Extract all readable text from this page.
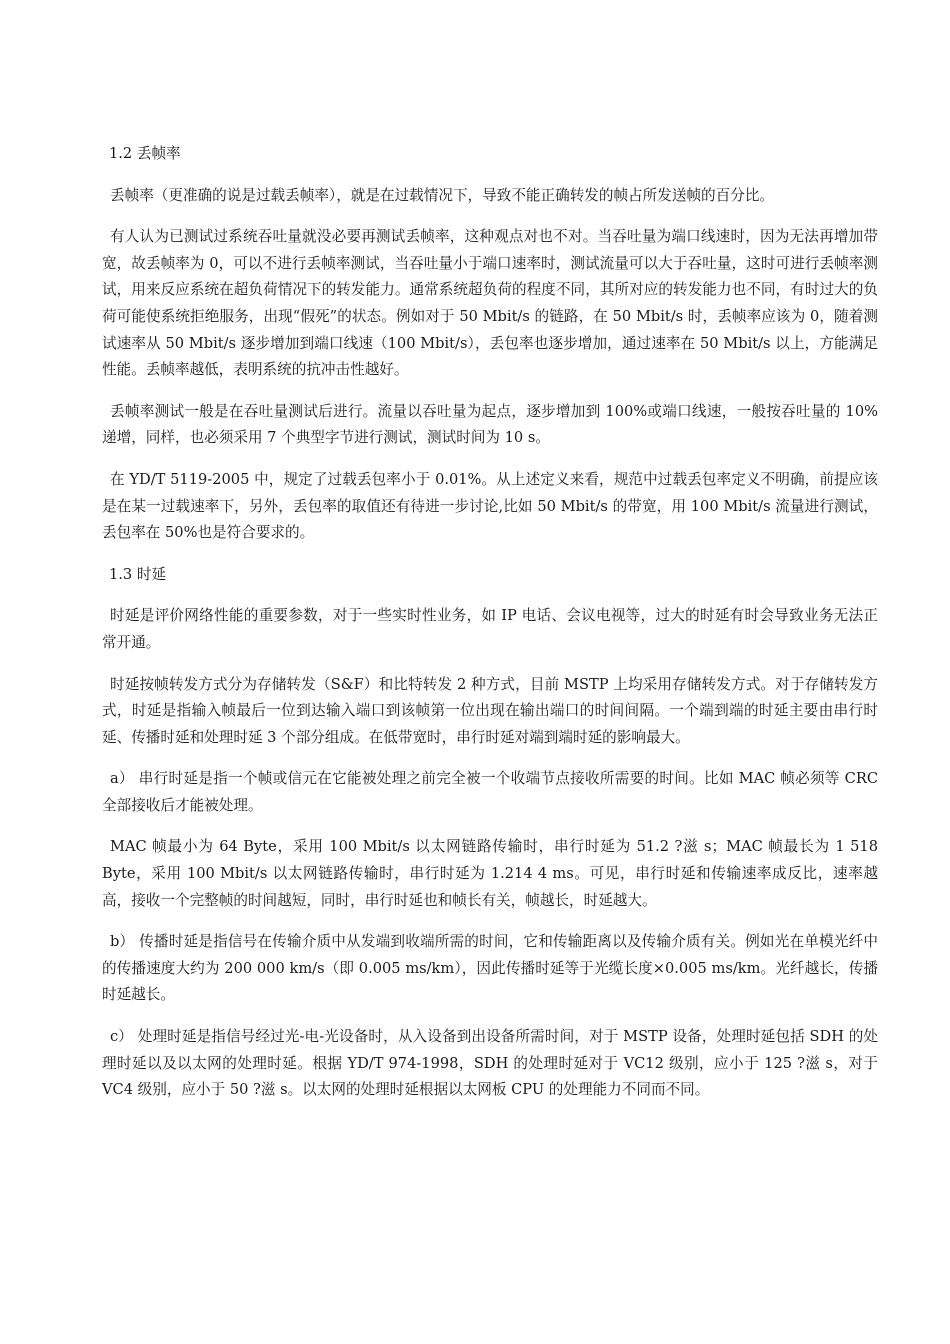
1.2 丢帧率
丢帧率（更准确的说是过载丢帧率），就是在过载情况下，导致不能正确转发的帧占所发送帧的百分比。
有人认为已测试过系统吞吐量就没必要再测试丢帧率，这种观点对也不对。当吞吐量为端口线速时，因为无法再增加带宽，故丢帧率为 0，可以不进行丢帧率测试，当吞吐量小于端口速率时，测试流量可以大于吞吐量，这时可进行丢帧率测试，用来反应系统在超负荷情况下的转发能力。通常系统超负荷的程度不同，其所对应的转发能力也不同，有时过大的负荷可能使系统拒绝服务，出现“假死”的状态。例如对于 50 Mbit/s 的链路，在 50 Mbit/s 时，丢帧率应该为 0，随着测试速率从 50 Mbit/s 逐步增加到端口线速（100 Mbit/s），丢包率也逐步增加，通过速率在 50 Mbit/s 以上，方能满足性能。丢帧率越低，表明系统的抗冲击性越好。
丢帧率测试一般是在吞吐量测试后进行。流量以吞吐量为起点，逐步增加到 100%或端口线速，一般按吞吐量的 10%递增，同样，也必须采用 7 个典型字节进行测试，测试时间为 10 s。
在 YD/T 5119-2005 中，规定了过载丢包率小于 0.01%。从上述定义来看，规范中过载丢包率定义不明确，前提应该是在某一过载速率下，另外，丢包率的取值还有待进一步讨论,比如 50 Mbit/s 的带宽，用 100 Mbit/s 流量进行测试，丢包率在 50%也是符合要求的。
1.3 时延
时延是评价网络性能的重要参数，对于一些实时性业务，如 IP 电话、会议电视等，过大的时延有时会导致业务无法正常开通。
时延按帧转发方式分为存储转发（S&F）和比特转发 2 种方式，目前 MSTP 上均采用存储转发方式。对于存储转发方式，时延是指输入帧最后一位到达输入端口到该帧第一位出现在输出端口的时间间隔。一个端到端的时延主要由串行时延、传播时延和处理时延 3 个部分组成。在低带宽时，串行时延对端到端时延的影响最大。
a） 串行时延是指一个帧或信元在它能被处理之前完全被一个收端节点接收所需要的时间。比如 MAC 帧必须等 CRC 全部接收后才能被处理。
MAC 帧最小为 64 Byte，采用 100 Mbit/s 以太网链路传输时，串行时延为 51.2 ?滋 s；MAC 帧最长为 1 518 Byte，采用 100 Mbit/s 以太网链路传输时，串行时延为 1.214 4 ms。可见，串行时延和传输速率成反比，速率越高，接收一个完整帧的时间越短，同时，串行时延也和帧长有关，帧越长，时延越大。
b） 传播时延是指信号在传输介质中从发端到收端所需的时间，它和传输距离以及传输介质有关。例如光在单模光纤中的传播速度大约为 200 000 km/s（即 0.005 ms/km），因此传播时延等于光缆长度×0.005 ms/km。光纤越长，传播时延越长。
c） 处理时延是指信号经过光-电-光设备时，从入设备到出设备所需时间，对于 MSTP 设备，处理时延包括 SDH 的处理时延以及以太网的处理时延。根据 YD/T 974-1998，SDH 的处理时延对于 VC12 级别，应小于 125 ?滋 s，对于 VC4 级别，应小于 50 ?滋 s。以太网的处理时延根据以太网板 CPU 的处理能力不同而不同。
